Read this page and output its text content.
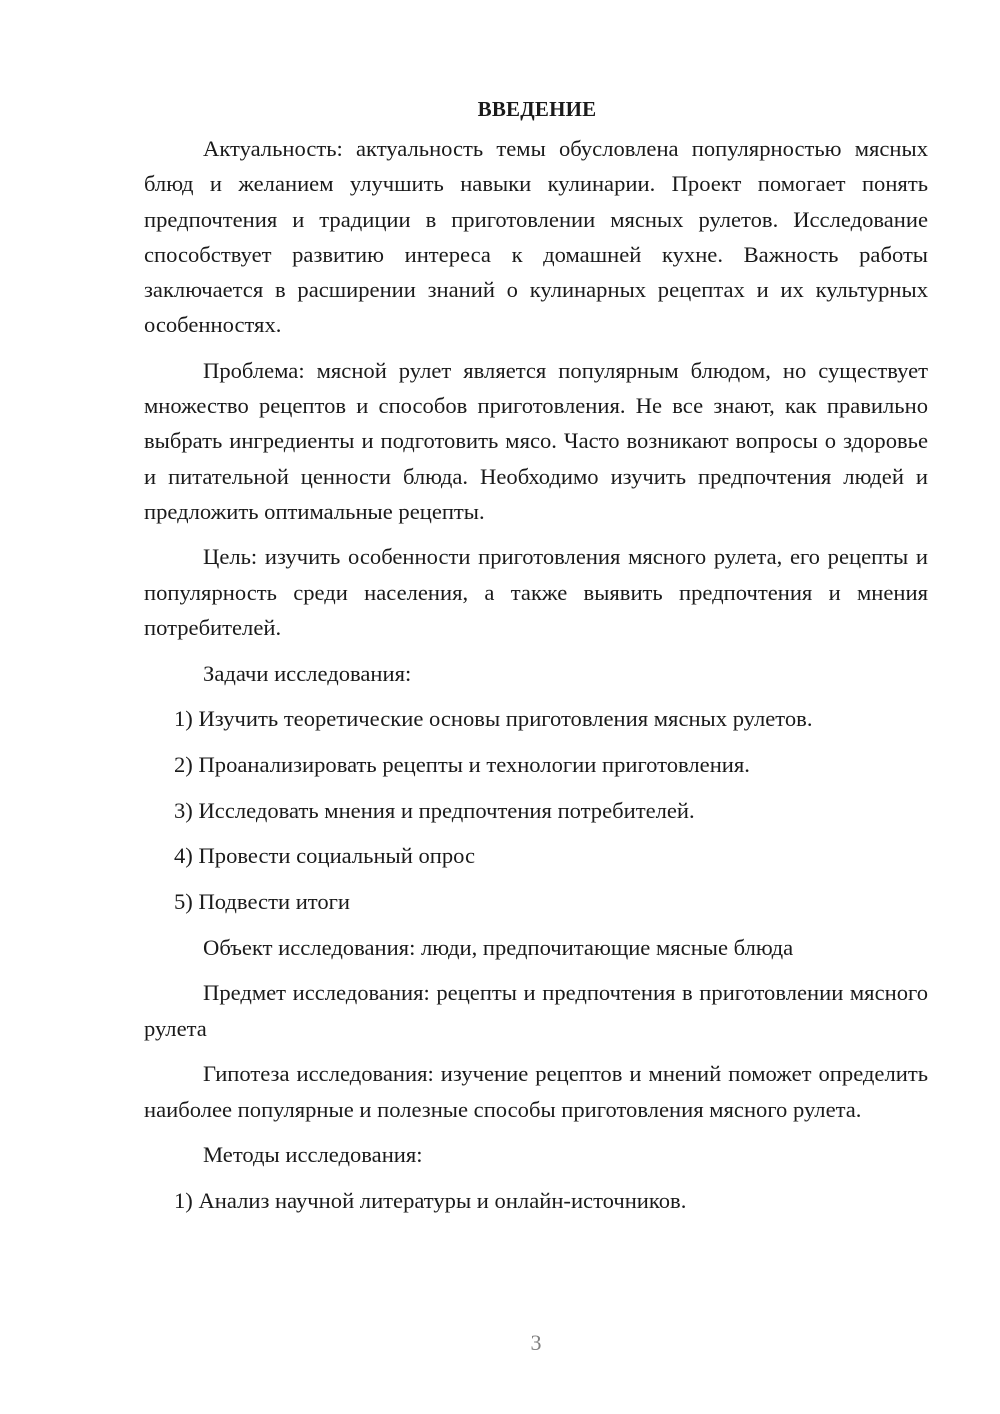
ВВЕДЕНИЕ

Актуальность: актуальность темы обусловлена популярностью мясных блюд и желанием улучшить навыки кулинарии. Проект помогает понять предпочтения и традиции в приготовлении мясных рулетов. Исследование способствует развитию интереса к домашней кухне. Важность работы заключается в расширении знаний о кулинарных рецептах и их культурных особенностях.

Проблема: мясной рулет является популярным блюдом, но существует множество рецептов и способов приготовления. Не все знают, как правильно выбрать ингредиенты и подготовить мясо. Часто возникают вопросы о здоровье и питательной ценности блюда. Необходимо изучить предпочтения людей и предложить оптимальные рецепты.

Цель: изучить особенности приготовления мясного рулета, его рецепты и популярность среди населения, а также выявить предпочтения и мнения потребителей.

Задачи исследования:

1) Изучить теоретические основы приготовления мясных рулетов.

2) Проанализировать рецепты и технологии приготовления.

3) Исследовать мнения и предпочтения потребителей.

4) Провести социальный опрос

5) Подвести итоги

Объект исследования: люди, предпочитающие мясные блюда

Предмет исследования: рецепты и предпочтения в приготовлении мясного рулета

Гипотеза исследования: изучение рецептов и мнений поможет определить наиболее популярные и полезные способы приготовления мясного рулета.

Методы исследования:

1) Анализ научной литературы и онлайн-источников.

3
